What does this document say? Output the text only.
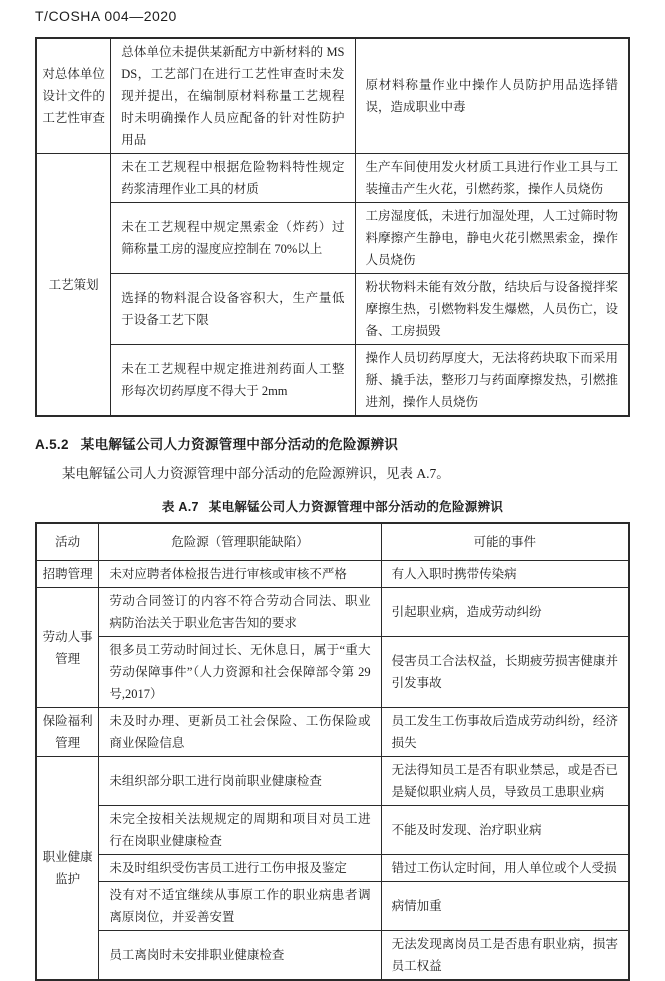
T/COSHA 004—2020
对总体单位设计文件的工艺性审查	总体单位未提供某新配方中新材料的 MSDS，工艺部门在进行工艺性审查时未发现并提出，在编制原材料称量工艺规程时未明确操作人员应配备的针对性防护用品	原材料称量作业中操作人员防护用品选择错误，造成职业中毒
工艺策划	未在工艺规程中根据危险物料特性规定药浆清理作业工具的材质	生产车间使用发火材质工具进行作业工具与工装撞击产生火花，引燃药浆，操作人员烧伤
	未在工艺规程中规定黑索金（炸药）过筛称量工房的湿度应控制在 70%以上	工房湿度低，未进行加湿处理，人工过筛时物料摩擦产生静电，静电火花引燃黑索金，操作人员烧伤
	选择的物料混合设备容积大，生产量低于设备工艺下限	粉状物料未能有效分散，结块后与设备搅拌桨摩擦生热，引燃物料发生爆燃，人员伤亡，设备、工房损毁
	未在工艺规程中规定推进剂药面人工整形每次切药厚度不得大于 2mm	操作人员切药厚度大，无法将药块取下而采用掰、撬手法，整形刀与药面摩擦发热，引燃推进剂，操作人员烧伤
A.5.2 某电解锰公司人力资源管理中部分活动的危险源辨识

某电解锰公司人力资源管理中部分活动的危险源辨识，见表 A.7。

表 A.7 某电解锰公司人力资源管理中部分活动的危险源辨识
活动	危险源（管理职能缺陷）	可能的事件
招聘管理	未对应聘者体检报告进行审核或审核不严格	有人入职时携带传染病
劳动人事管理	劳动合同签订的内容不符合劳动合同法、职业病防治法关于职业危害告知的要求	引起职业病，造成劳动纠纷
	很多员工劳动时间过长、无休息日，属于“重大劳动保障事件”（人力资源和社会保障部令第 29 号,2017）	侵害员工合法权益，长期疲劳损害健康并引发事故
保险福利管理	未及时办理、更新员工社会保险、工伤保险或商业保险信息	员工发生工伤事故后造成劳动纠纷，经济损失
职业健康监护	未组织部分职工进行岗前职业健康检查	无法得知员工是否有职业禁忌，或是否已是疑似职业病人员，导致员工患职业病
	未完全按相关法规规定的周期和项目对员工进行在岗职业健康检查	不能及时发现、治疗职业病
	未及时组织受伤害员工进行工伤申报及鉴定	错过工伤认定时间，用人单位或个人受损
	没有对不适宜继续从事原工作的职业病患者调离原岗位，并妥善安置	病情加重
	员工离岗时未安排职业健康检查	无法发现离岗员工是否患有职业病，损害员工权益
